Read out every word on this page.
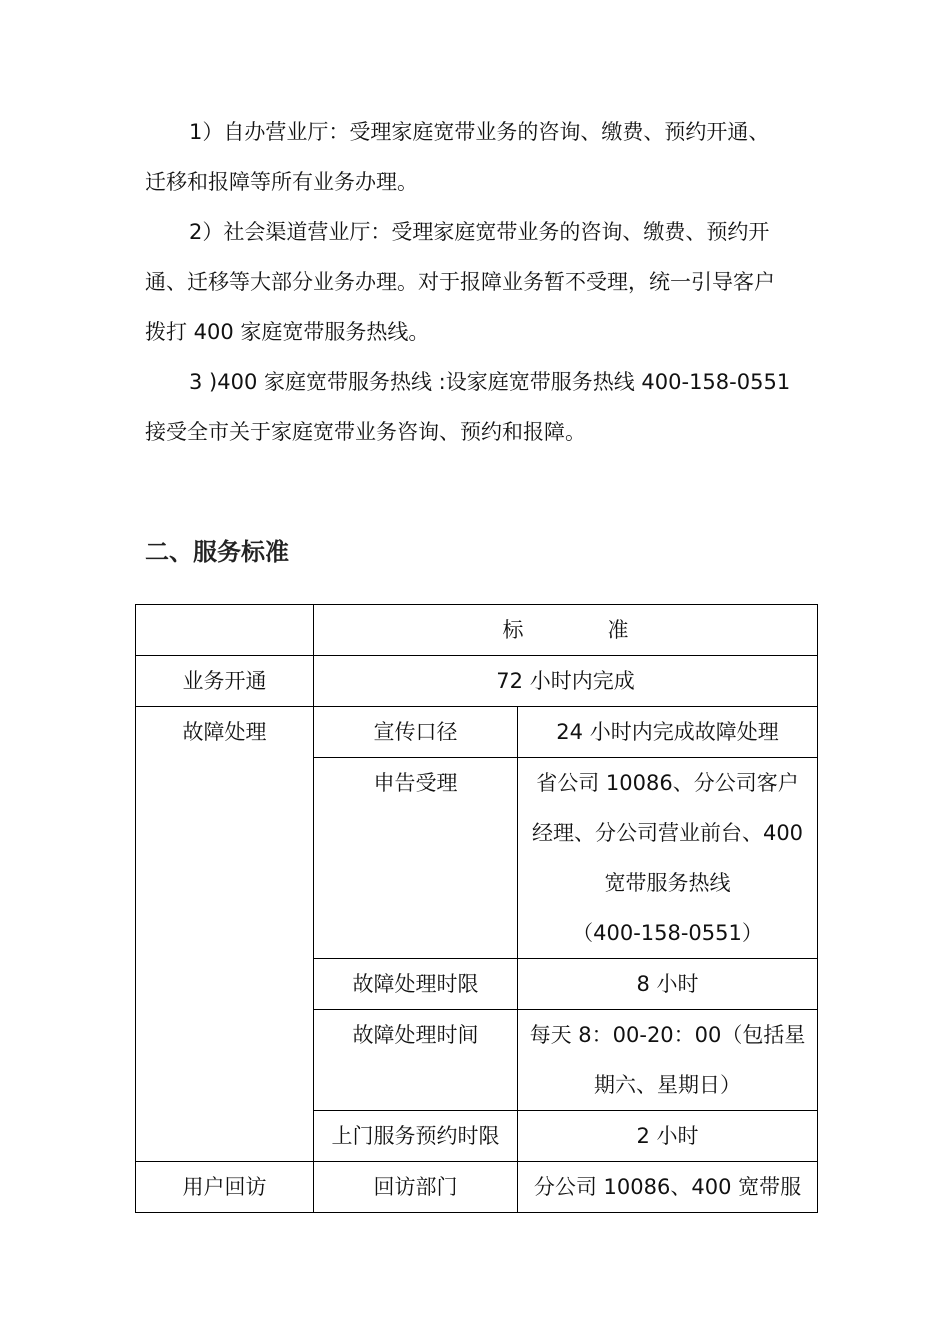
1）自办营业厅：受理家庭宽带业务的咨询、缴费、预约开通、
迁移和报障等所有业务办理。

2）社会渠道营业厅：受理家庭宽带业务的咨询、缴费、预约开
通、迁移等大部分业务办理。对于报障业务暂不受理，统一引导客户
拨打 400 家庭宽带服务热线。

3 )400 家庭宽带服务热线 :设家庭宽带服务热线 400-158-0551
接受全市关于家庭宽带业务咨询、预约和报障。

二、服务标准
	标　　　　准	
业务开通	72 小时内完成	
故障处理	宣传口径	24 小时内完成故障处理

	申告受理	省公司 10086、分公司客户
经理、分公司营业前台、400
宽带服务热线
（400-158-0551）

	故障处理时限	8 小时

	故障处理时间	每天 8：00-20：00（包括星
期六、星期日）

	上门服务预约时限	2 小时

用户回访	回访部门	分公司 10086、400 宽带服
